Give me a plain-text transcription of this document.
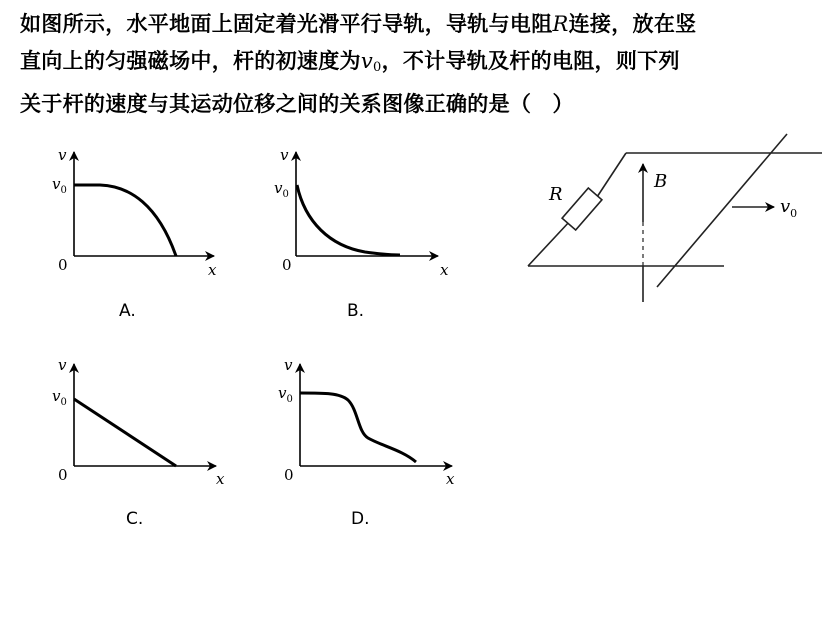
如图所示，水平地面上固定着光滑平行导轨，导轨与电阻R连接，放在竖
直向上的匀强磁场中，杆的初速度为$v_0$，不计导轨及杆的电阻，则下列
关于杆的速度与其运动位移之间的关系图像正确的是（　）
v
$v_0$
0	x
A.
v
$v_0$
0	x
B.
v
$v_0$
0	x
C.
v
$v_0$
0	x
D.
R
B
$v_0$
